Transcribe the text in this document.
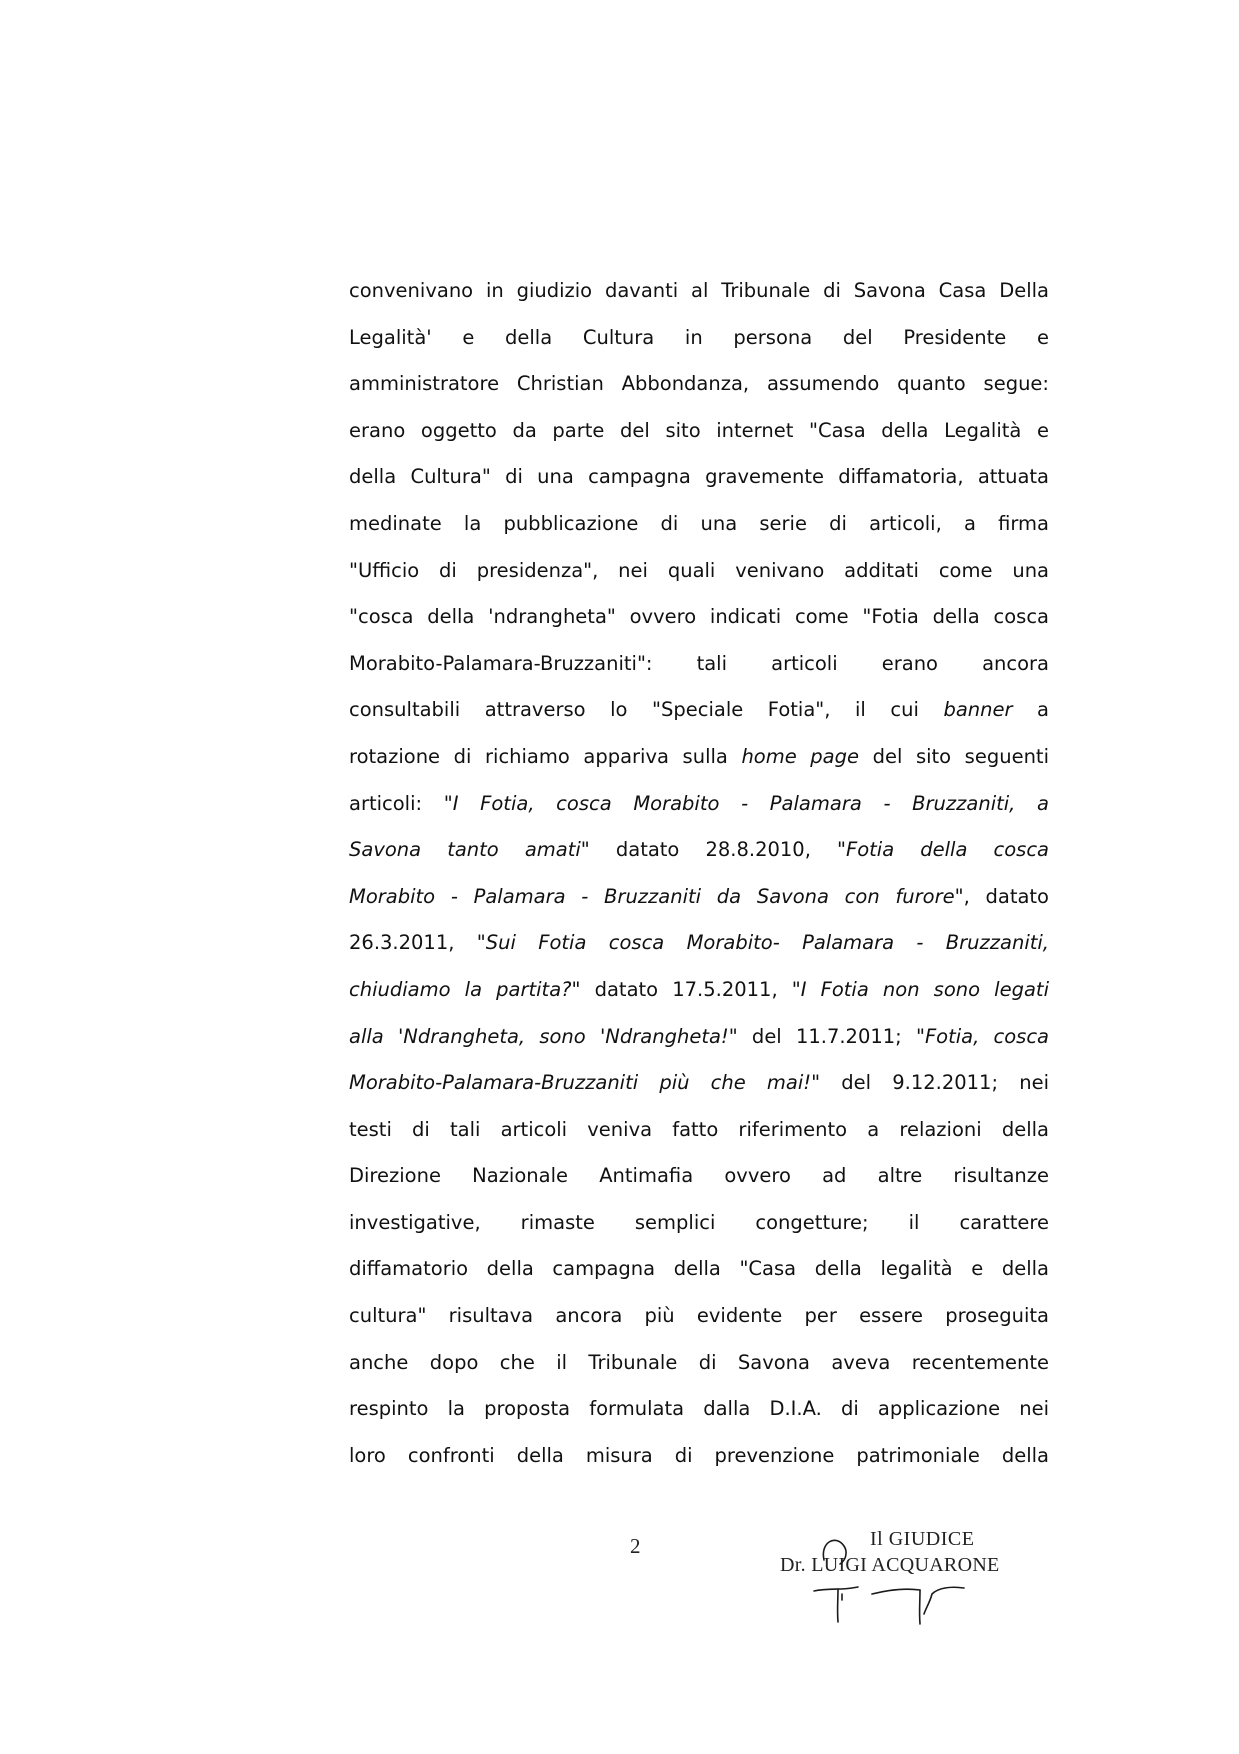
convenivano in giudizio davanti al Tribunale di Savona Casa Della
Legalità' e della Cultura in persona del Presidente e
amministratore Christian Abbondanza, assumendo quanto segue:
erano oggetto da parte del sito internet "Casa della Legalità e
della Cultura" di una campagna gravemente diffamatoria, attuata
medinate la pubblicazione di una serie di articoli, a firma
"Ufficio di presidenza", nei quali venivano additati come una
"cosca della 'ndrangheta" ovvero indicati come "Fotia della cosca
Morabito-Palamara-Bruzzaniti": tali articoli erano ancora
consultabili attraverso lo "Speciale Fotia", il cui banner a
rotazione di richiamo appariva sulla home page del sito seguenti
articoli: "I Fotia, cosca Morabito - Palamara - Bruzzaniti, a
Savona tanto amati" datato 28.8.2010, "Fotia della cosca
Morabito - Palamara - Bruzzaniti da Savona con furore", datato
26.3.2011, "Sui Fotia cosca Morabito- Palamara - Bruzzaniti,
chiudiamo la partita?" datato 17.5.2011, "I Fotia non sono legati
alla 'Ndrangheta, sono 'Ndrangheta!" del 11.7.2011; "Fotia, cosca
Morabito-Palamara-Bruzzaniti più che mai!" del 9.12.2011; nei
testi di tali articoli veniva fatto riferimento a relazioni della
Direzione Nazionale Antimafia ovvero ad altre risultanze
investigative, rimaste semplici congetture; il carattere
diffamatorio della campagna della "Casa della legalità e della
cultura" risultava ancora più evidente per essere proseguita
anche dopo che il Tribunale di Savona aveva recentemente
respinto la proposta formulata dalla D.I.A. di applicazione nei
loro confronti della misura di prevenzione patrimoniale della
2	Il GIUDICE
Dr. LUIGI ACQUARONE
